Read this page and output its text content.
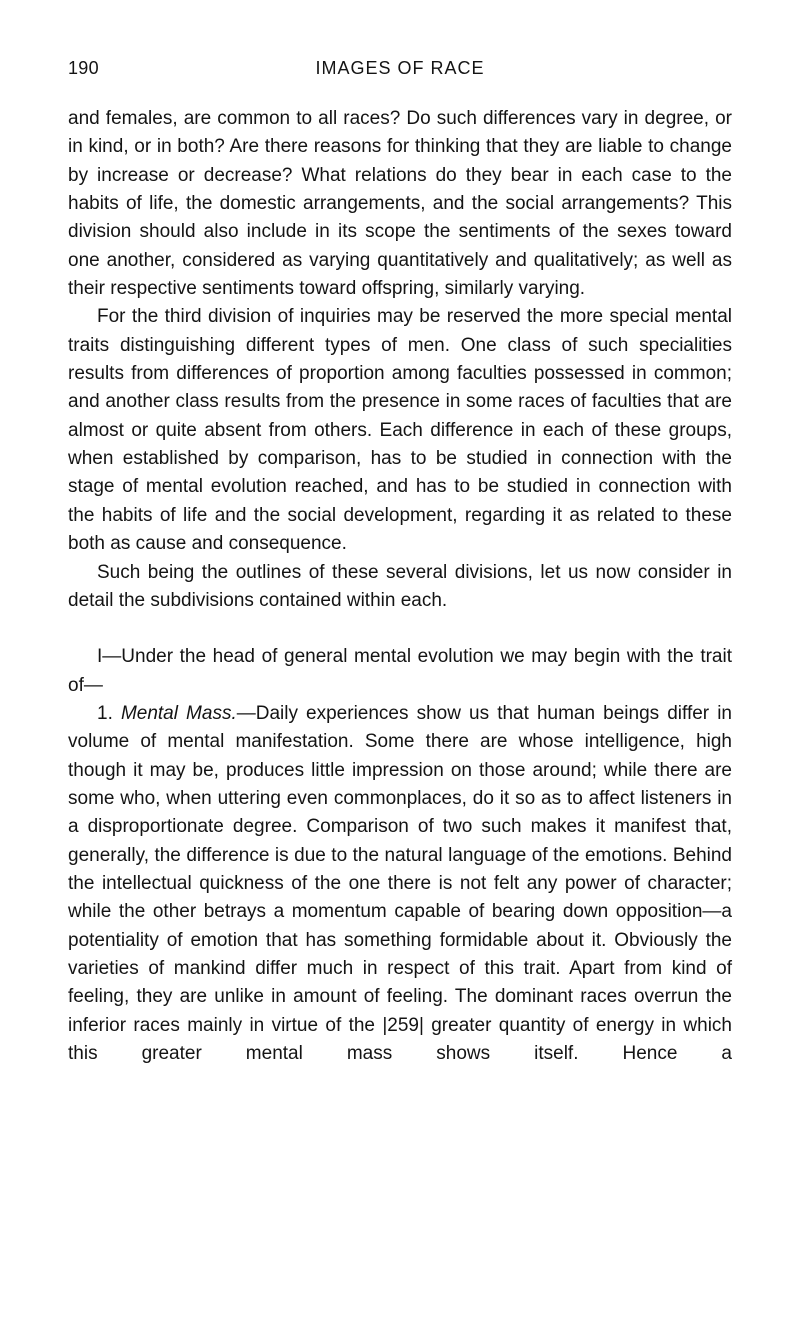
190	IMAGES OF RACE

and females, are common to all races? Do such differences vary in degree, or in kind, or in both? Are there reasons for thinking that they are liable to change by increase or decrease? What relations do they bear in each case to the habits of life, the domestic arrangements, and the social arrangements? This division should also include in its scope the sentiments of the sexes toward one another, considered as varying quantitatively and qualitatively; as well as their respective sentiments toward offspring, similarly varying.

For the third division of inquiries may be reserved the more special mental traits distinguishing different types of men. One class of such specialities results from differences of proportion among faculties possessed in common; and another class results from the presence in some races of faculties that are almost or quite absent from others. Each difference in each of these groups, when established by comparison, has to be studied in connection with the stage of mental evolution reached, and has to be studied in connection with the habits of life and the social development, regarding it as related to these both as cause and consequence.

Such being the outlines of these several divisions, let us now consider in detail the subdivisions contained within each.

I—Under the head of general mental evolution we may begin with the trait of—

1. Mental Mass.—Daily experiences show us that human beings differ in volume of mental manifestation. Some there are whose intelligence, high though it may be, produces little impression on those around; while there are some who, when uttering even commonplaces, do it so as to affect listeners in a disproportionate degree. Comparison of two such makes it manifest that, generally, the difference is due to the natural language of the emotions. Behind the intellectual quickness of the one there is not felt any power of character; while the other betrays a momentum capable of bearing down opposition—a potentiality of emotion that has something formidable about it. Obviously the varieties of mankind differ much in respect of this trait. Apart from kind of feeling, they are unlike in amount of feeling. The dominant races overrun the inferior races mainly in virtue of the |259| greater quantity of energy in which this greater mental mass shows itself. Hence a
